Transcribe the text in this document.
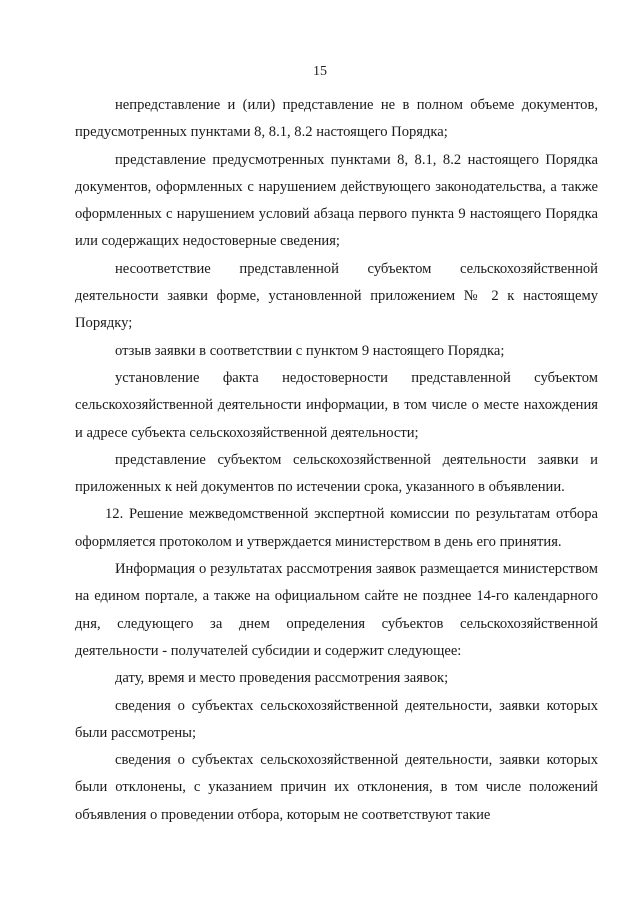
15

непредставление и (или) представление не в полном объеме документов, предусмотренных пунктами 8, 8.1, 8.2 настоящего Порядка;

представление предусмотренных пунктами 8, 8.1, 8.2 настоящего Порядка документов, оформленных с нарушением действующего законодательства, а также оформленных с нарушением условий абзаца первого пункта 9 настоящего Порядка или содержащих недостоверные сведения;

несоответствие представленной субъектом сельскохозяйственной деятельности заявки форме, установленной приложением № 2 к настоящему Порядку;

отзыв заявки в соответствии с пунктом 9 настоящего Порядка;

установление факта недостоверности представленной субъектом сельскохозяйственной деятельности информации, в том числе о месте нахождения и адресе субъекта сельскохозяйственной деятельности;

представление субъектом сельскохозяйственной деятельности заявки и приложенных к ней документов по истечении срока, указанного в объявлении.

12. Решение межведомственной экспертной комиссии по результатам отбора оформляется протоколом и утверждается министерством в день его принятия.

Информация о результатах рассмотрения заявок размещается министерством на едином портале, а также на официальном сайте не позднее 14-го календарного дня, следующего за днем определения субъектов сельскохозяйственной деятельности - получателей субсидии и содержит следующее:

дату, время и место проведения рассмотрения заявок;

сведения о субъектах сельскохозяйственной деятельности, заявки которых были рассмотрены;

сведения о субъектах сельскохозяйственной деятельности, заявки которых были отклонены, с указанием причин их отклонения, в том числе положений объявления о проведении отбора, которым не соответствуют такие
